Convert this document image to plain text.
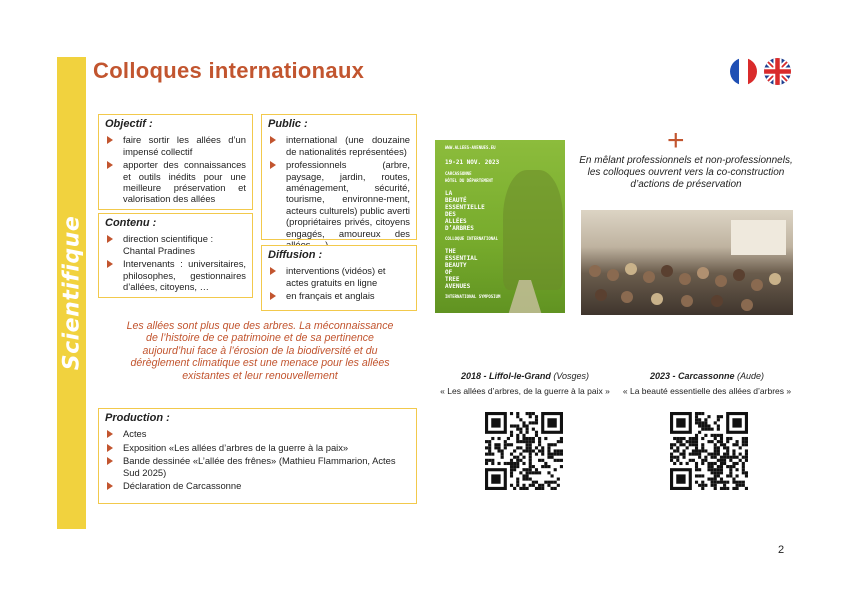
Scientifique
Colloques internationaux
Objectif :
faire sortir les allées d’un impensé collectif
apporter des connaissances et outils inédits pour une meilleure préservation et valorisation des allées
Public :
international (une douzaine de nationalités représentées)
professionnels (arbre, paysage, jardin, routes, aménagement, sécurité, tourisme, environne-ment, acteurs culturels) public averti (propriétaires privés, citoyens engagés, amoureux des
Contenu :
direction scientifique : Chantal Pradines
Intervenants : universitaires, philosophes, gestionnaires d’allées, citoyens, …
Diffusion :
interventions (vidéos) et actes gratuits en ligne
en français et anglais
Les allées sont plus que des arbres. La méconnaissance de l’histoire de ce patrimoine et de sa pertinence aujourd’hui face à l’érosion de la biodiversité et du dérèglement climatique est une menace pour les allées existantes et leur renouvellement
Production :
Actes
Exposition «Les allées d’arbres de la guerre à la paix»
Bande dessinée «L’allée des frênes» (Mathieu Flammarion, Actes Sud 2025)
Déclaration de Carcassonne
WWW.ALLEES-AVENUES.EU
19-21 NOV. 2023
CARCASSONNE
HÔTEL DU DÉPARTEMENT
LA
BEAUTÉ
ESSENTIELLE
DES
ALLÉES
D’ARBRES
COLLOQUE INTERNATIONAL
THE
ESSENTIAL
BEAUTY
OF
TREE
AVENUES
INTERNATIONAL SYMPOSIUM
+
En mêlant professionnels et non-professionnels, les colloques ouvrent vers la co-construction d’actions de préservation
2018 - Liffol-le-Grand (Vosges)
« Les allées d’arbres, de la guerre à la paix »
2023 - Carcassonne (Aude)
« La beauté essentielle des allées d’arbres »
2
